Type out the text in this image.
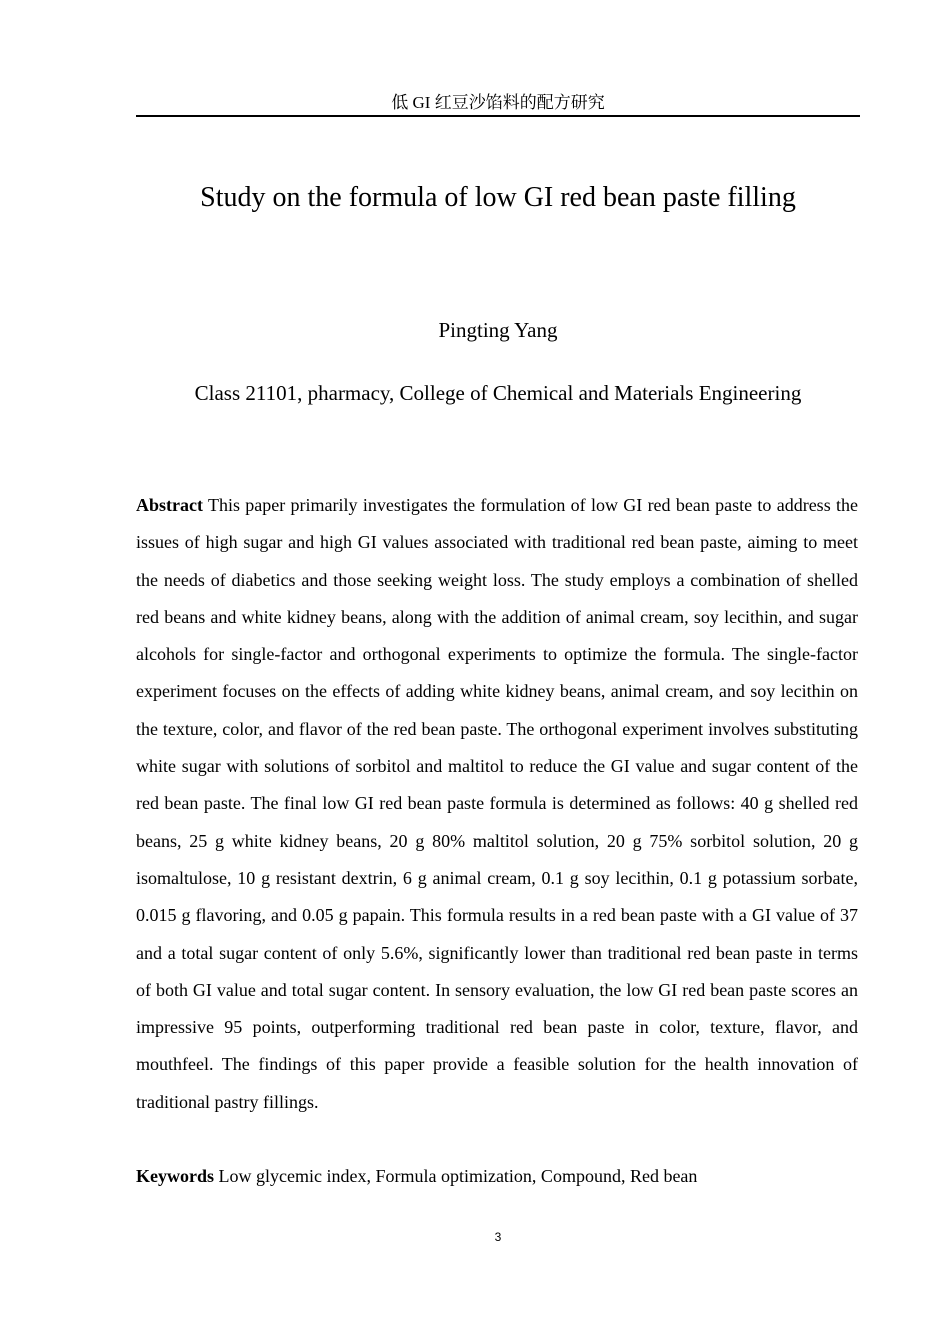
低 GI 红豆沙馅料的配方研究
Study on the formula of low GI red bean paste filling
Pingting Yang
Class 21101, pharmacy, College of Chemical and Materials Engineering

Abstract This paper primarily investigates the formulation of low GI red bean paste to address the issues of high sugar and high GI values associated with traditional red bean paste, aiming to meet the needs of diabetics and those seeking weight loss. The study employs a combination of shelled red beans and white kidney beans, along with the addition of animal cream, soy lecithin, and sugar alcohols for single-factor and orthogonal experiments to optimize the formula. The single-factor experiment focuses on the effects of adding white kidney beans, animal cream, and soy lecithin on the texture, color, and flavor of the red bean paste. The orthogonal experiment involves substituting white sugar with solutions of sorbitol and maltitol to reduce the GI value and sugar content of the red bean paste. The final low GI red bean paste formula is determined as follows: 40 g shelled red beans, 25 g white kidney beans, 20 g 80% maltitol solution, 20 g 75% sorbitol solution, 20 g isomaltulose, 10 g resistant dextrin, 6 g animal cream, 0.1 g soy lecithin, 0.1 g potassium sorbate, 0.015 g flavoring, and 0.05 g papain. This formula results in a red bean paste with a GI value of 37 and a total sugar content of only 5.6%, significantly lower than traditional red bean paste in terms of both GI value and total sugar content. In sensory evaluation, the low GI red bean paste scores an impressive 95 points, outperforming traditional red bean paste in color, texture, flavor, and mouthfeel. The findings of this paper provide a feasible solution for the health innovation of traditional pastry fillings.

Keywords Low glycemic index, Formula optimization, Compound, Red bean

3
